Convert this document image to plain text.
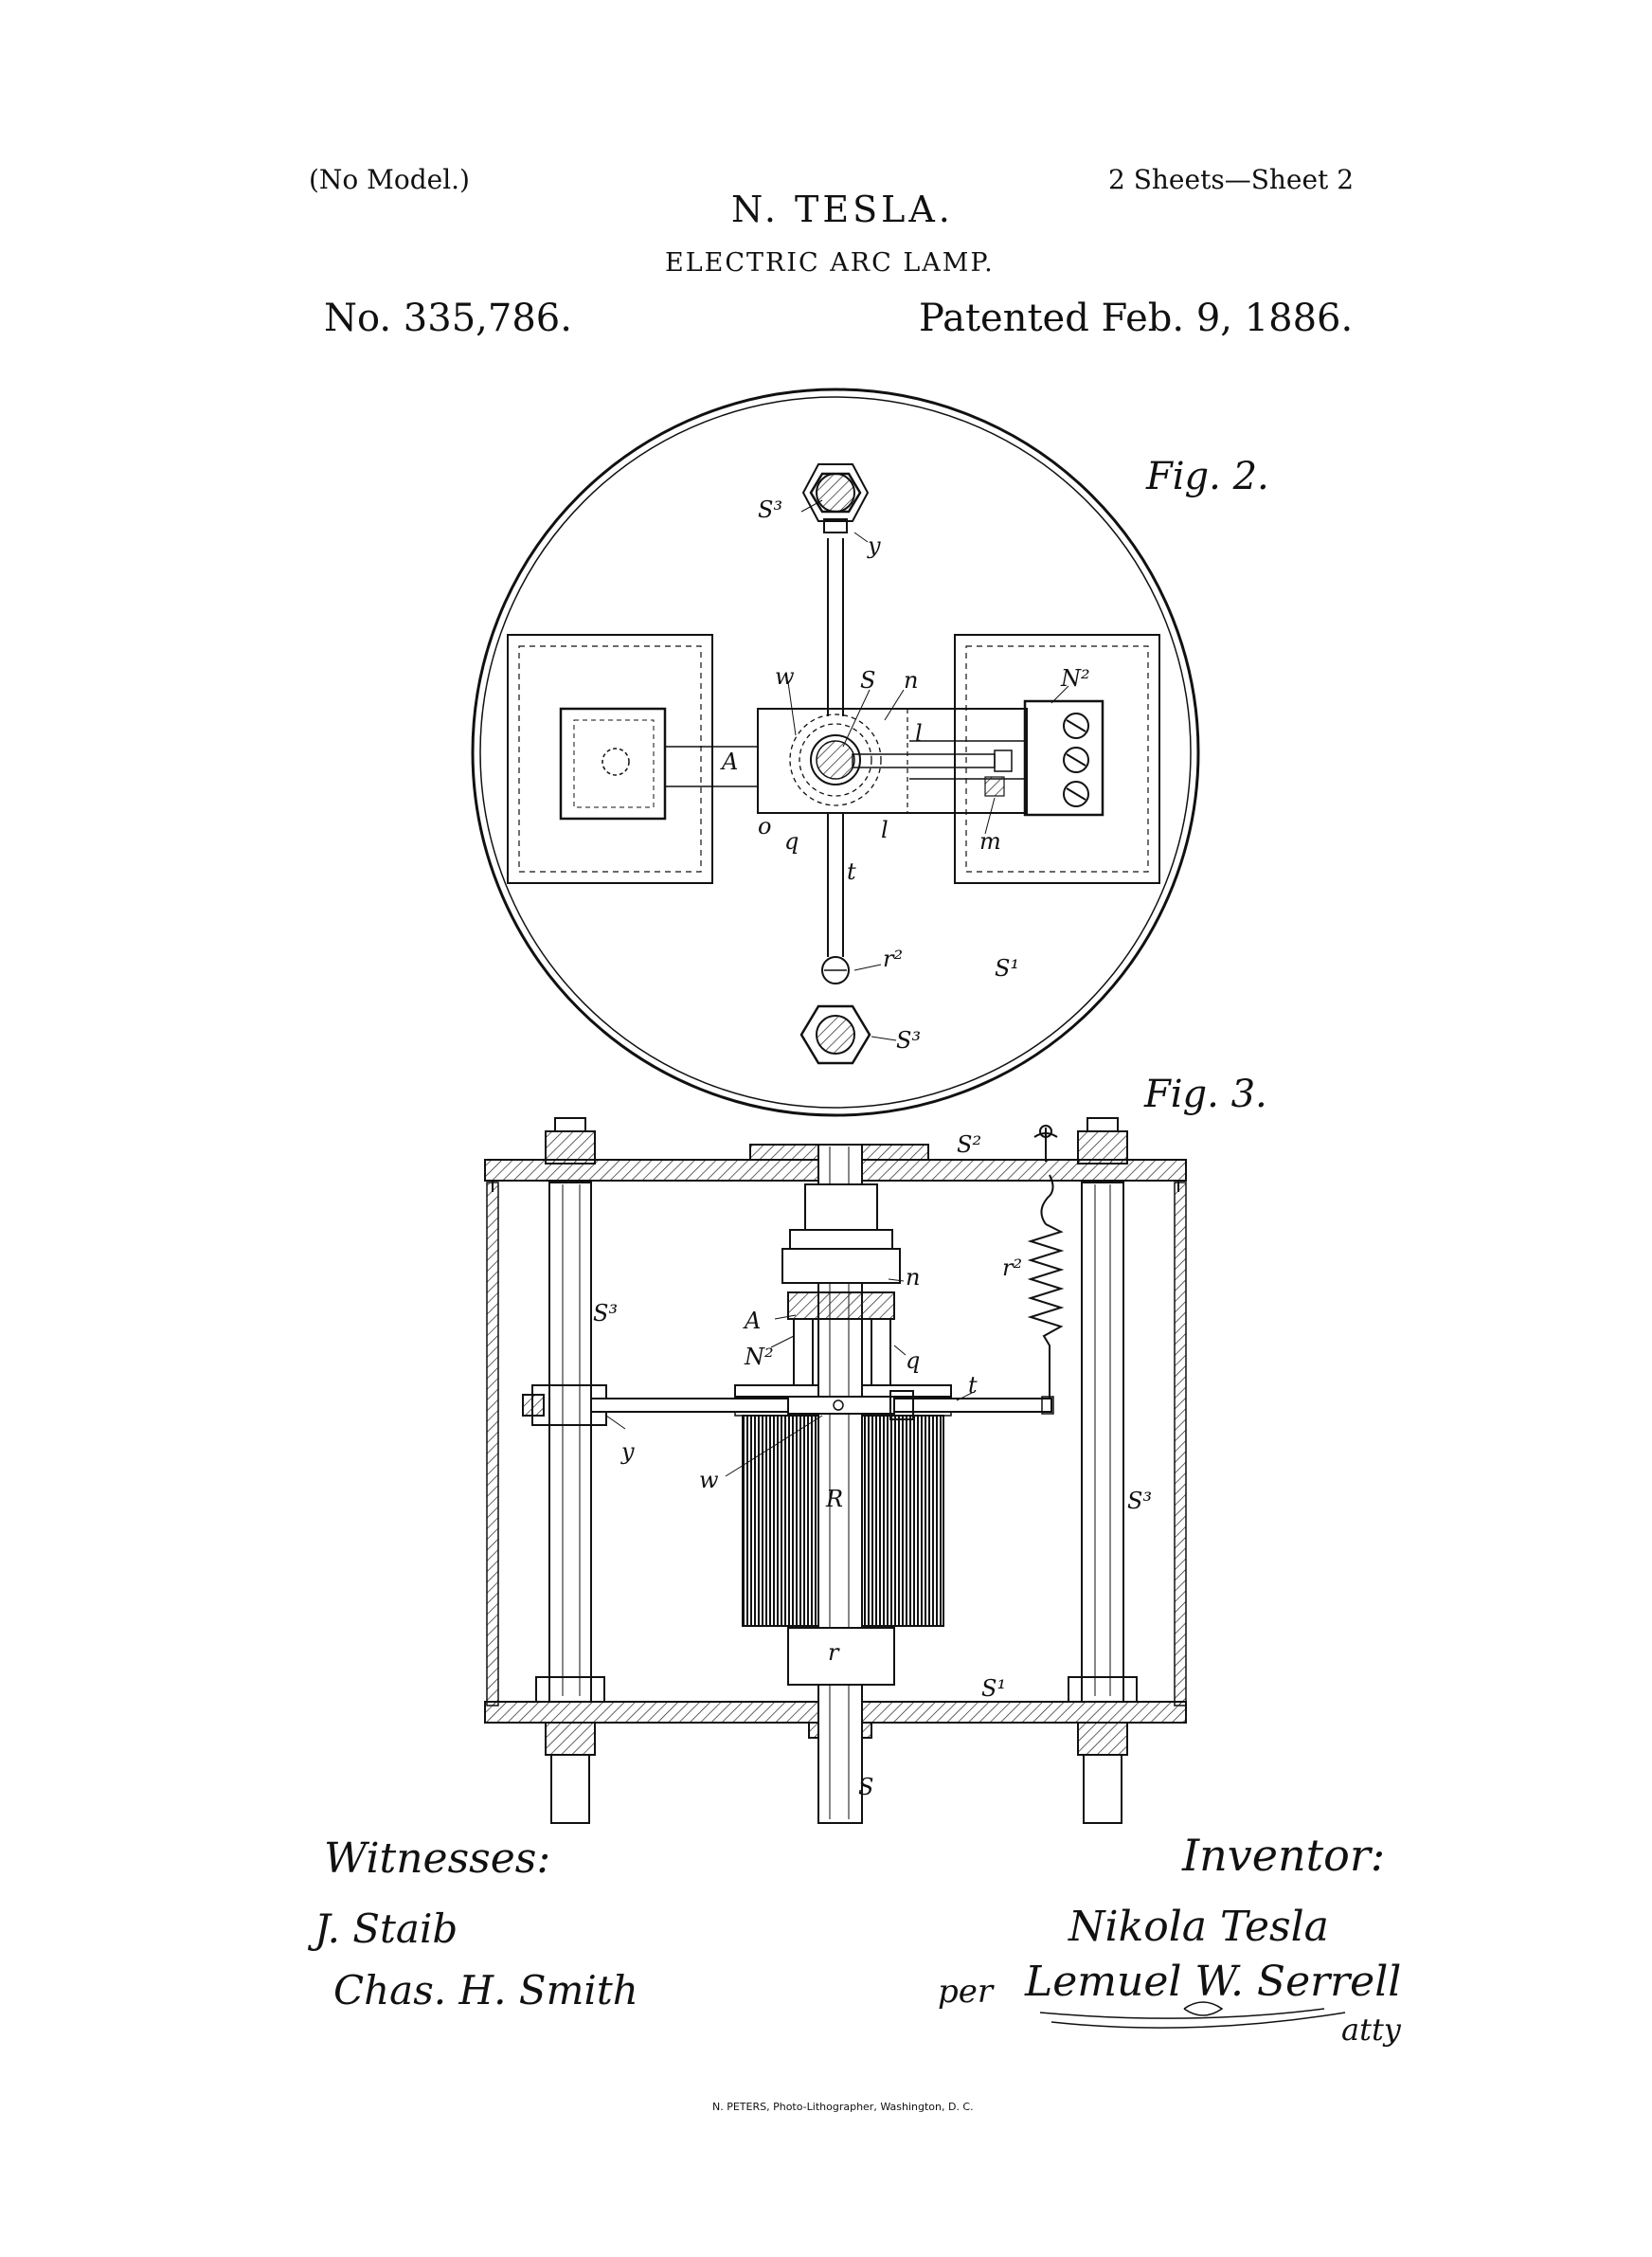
(No Model.)	2 Sheets—Sheet 2
N. TESLA.
ELECTRIC ARC LAMP.
No. 335,786.	Patented Feb. 9, 1886.
Fig. 2.
S³
y
w	S n	N²
l
A
o
q	l	m
t
S¹
r²
S³
Fig. 3.
S²
r²
n
A
N²	q
S³
t
y
w
R	S³
r
S¹
S
Witnesses:
J. Staib
Chas. H. Smith
Inventor:
Nikola Tesla
per Lemuel W. Serrell
atty
N. PETERS, Photo-Lithographer, Washington, D. C.
